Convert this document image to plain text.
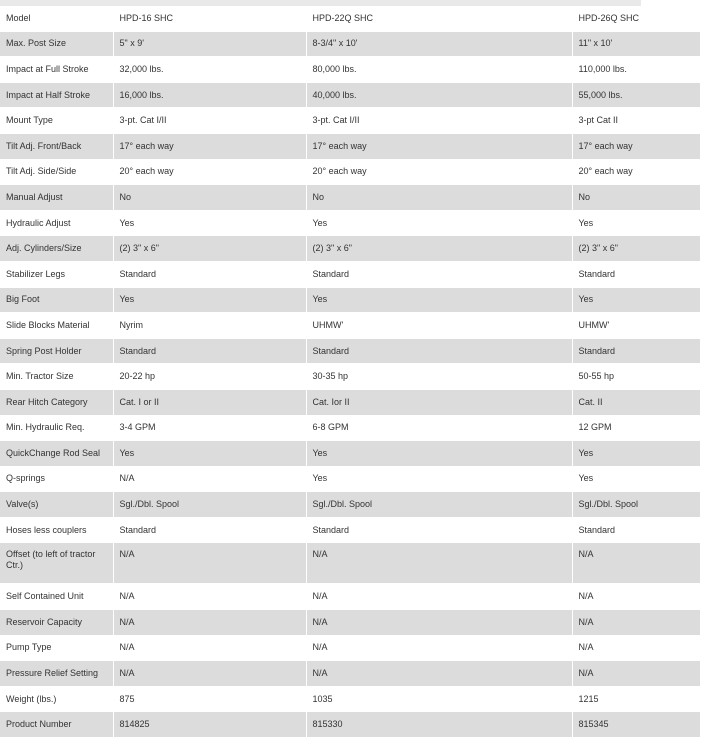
Model	HPD-16 SHC	HPD-22Q SHC	HPD-26Q SHC
Max. Post Size	5" x 9'	8-3/4" x 10'	11" x 10'
Impact at Full Stroke	32,000 lbs.	80,000 lbs.	110,000 lbs.
Impact at Half Stroke	16,000 lbs.	40,000 lbs.	55,000 lbs.
Mount Type	3-pt. Cat I/II	3-pt. Cat I/II	3-pt Cat II
Tilt Adj. Front/Back	17° each way	17° each way	17° each way
Tilt Adj. Side/Side	20° each way	20° each way	20° each way
Manual Adjust	No	No	No
Hydraulic Adjust	Yes	Yes	Yes
Adj. Cylinders/Size	(2) 3" x 6"	(2) 3" x 6"	(2) 3" x 6"
Stabilizer Legs	Standard	Standard	Standard
Big Foot	Yes	Yes	Yes
Slide Blocks Material	Nyrim	UHMW'	UHMW'
Spring Post Holder	Standard	Standard	Standard
Min. Tractor Size	20-22 hp	30-35 hp	50-55 hp
Rear Hitch Category	Cat. I or II	Cat. Ior II	Cat. II
Min. Hydraulic Req.	3-4 GPM	6-8 GPM	12 GPM
QuickChange Rod Seal	Yes	Yes	Yes
Q-springs	N/A	Yes	Yes
Valve(s)	Sgl./Dbl. Spool	Sgl./Dbl. Spool	Sgl./Dbl. Spool
Hoses less couplers	Standard	Standard	Standard
Offset (to left of tractor Ctr.)	N/A	N/A	N/A
Self Contained Unit	N/A	N/A	N/A
Reservoir Capacity	N/A	N/A	N/A
Pump Type	N/A	N/A	N/A
Pressure Relief Setting	N/A	N/A	N/A
Weight (lbs.)	875	1035	1215
Product Number	814825	815330	815345
